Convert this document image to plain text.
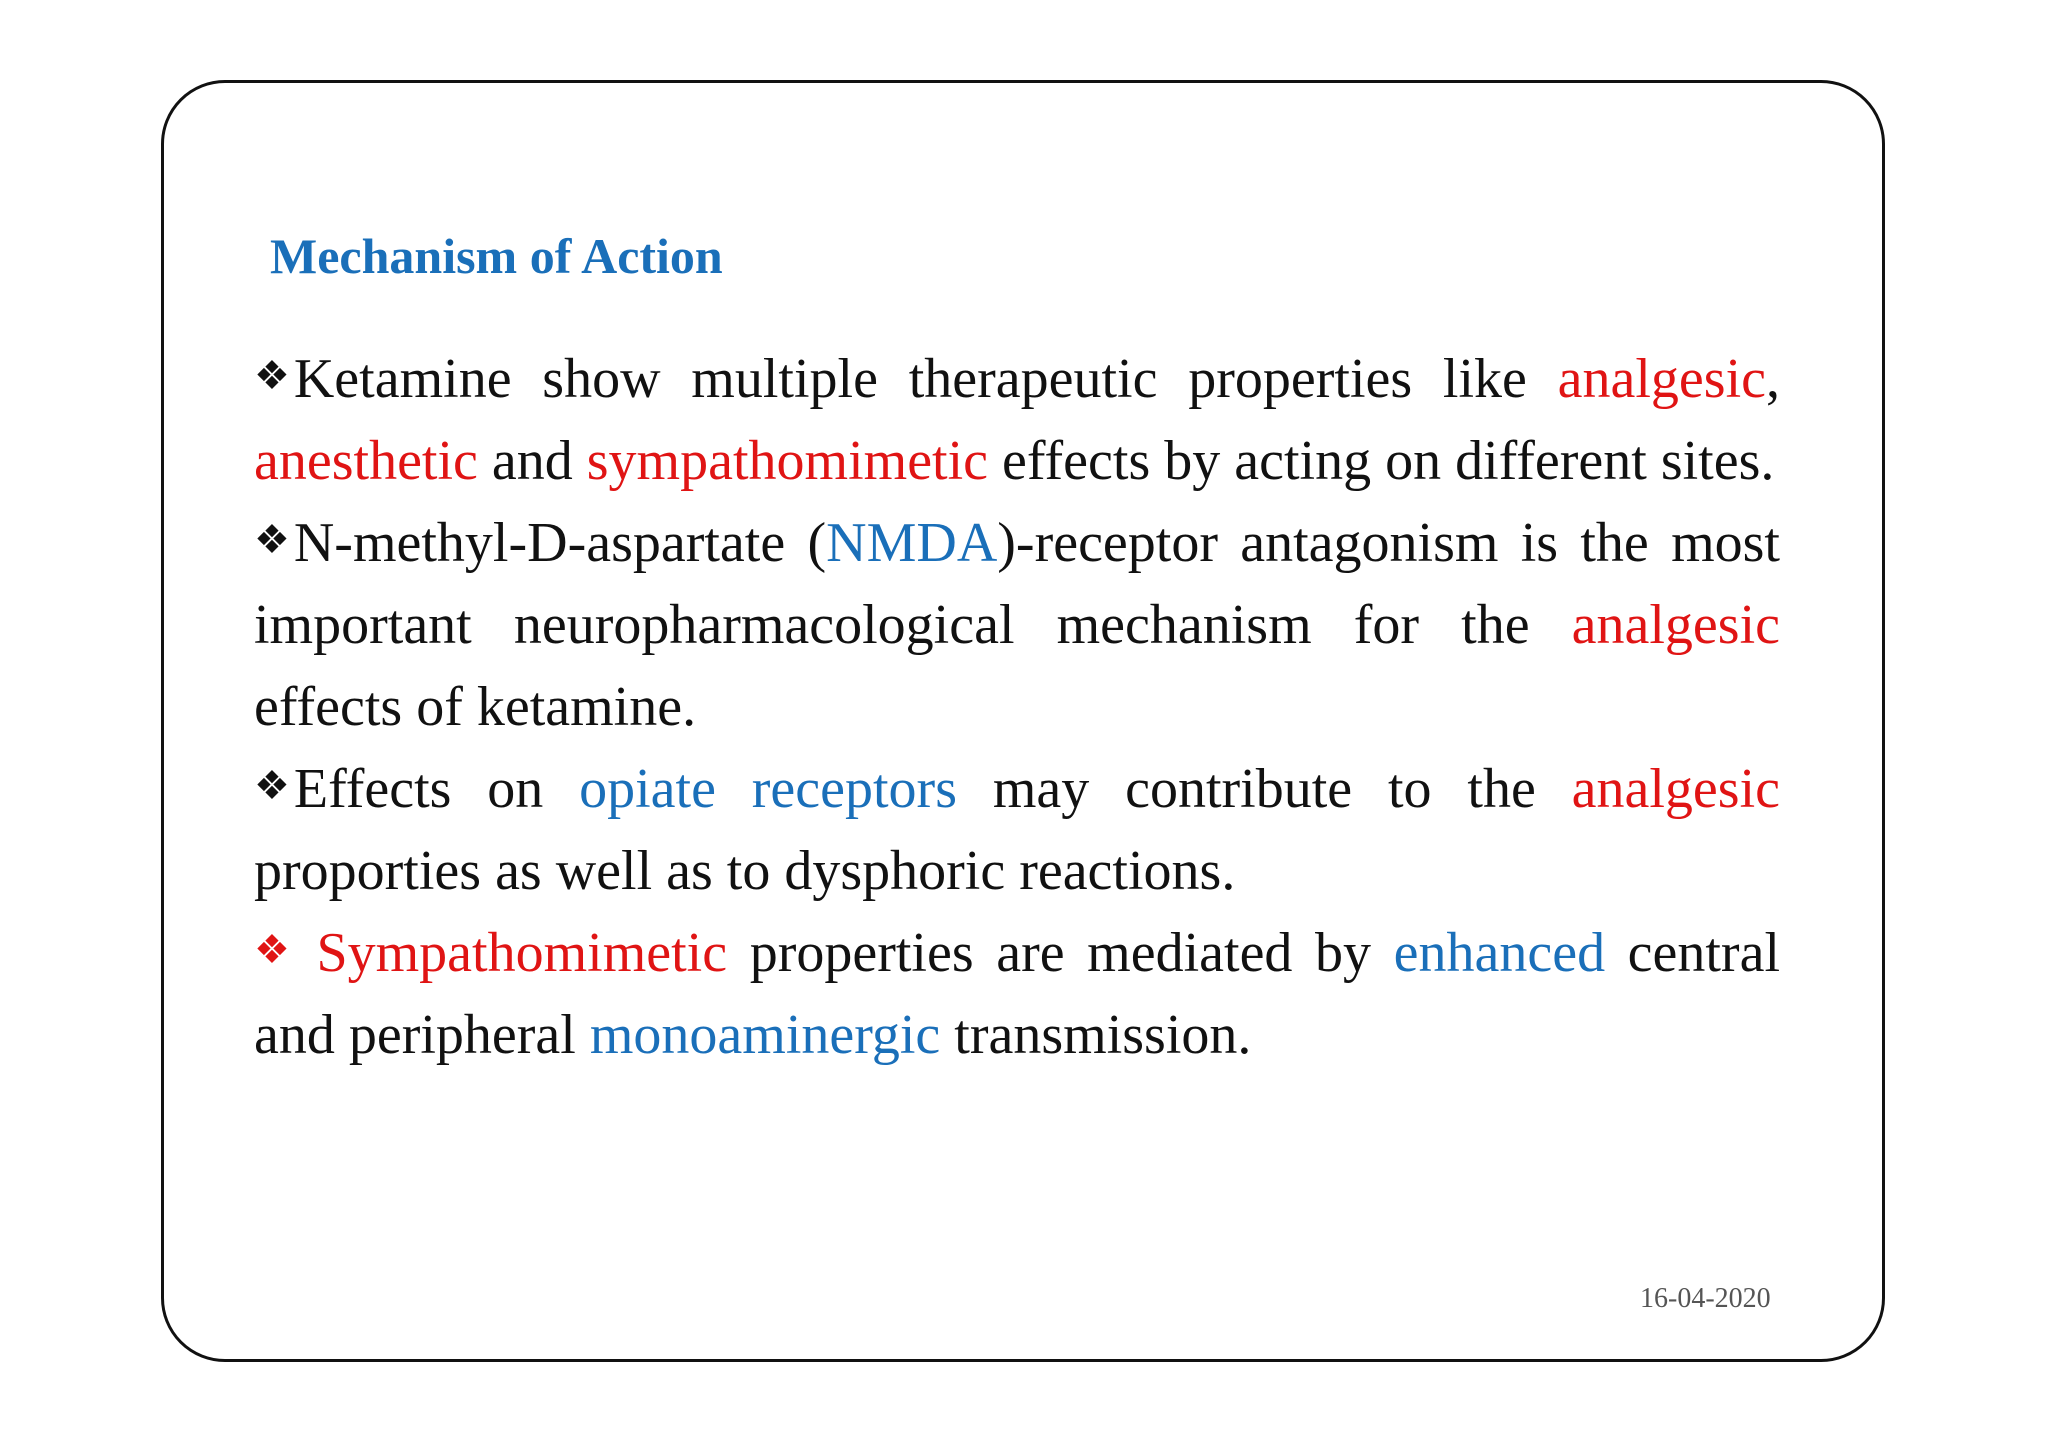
Mechanism of Action

❖Ketamine show multiple therapeutic properties like analgesic, anesthetic and sympathomimetic effects by acting on different sites.

❖N-methyl-D-aspartate (NMDA)-receptor antagonism is the most important neuropharmacological mechanism for the analgesic effects of ketamine.

❖Effects on opiate receptors may contribute to the analgesic proporties as well as to dysphoric reactions.

❖ Sympathomimetic properties are mediated by enhanced central and peripheral monoaminergic transmission.

16-04-2020
